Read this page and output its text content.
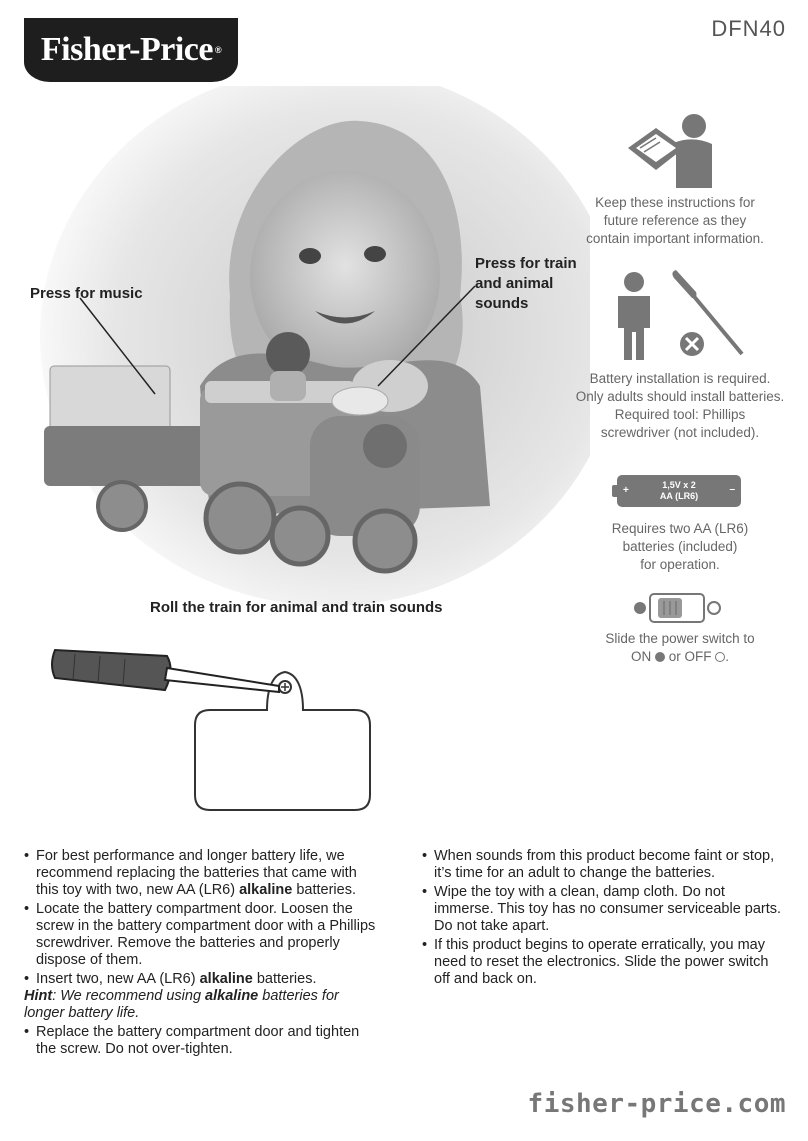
Fisher-Price ®
DFN40
Press for music
Press for train
and animal
sounds
Roll the train for animal and train sounds
Keep these instructions for
future reference as they
contain important information.
Battery installation is required.
Only adults should install batteries.
Required tool: Phillips
screwdriver (not included).
+	1,5V x 2
AA (LR6)
–
Requires two AA (LR6)
batteries (included)
for operation.
Slide the power switch to
ON or OFF .
• For best performance and longer battery life, we recommend replacing the batteries that came with this toy with two, new AA (LR6) alkaline batteries.
• Locate the battery compartment door. Loosen the screw in the battery compartment door with a Phillips screwdriver. Remove the batteries and properly dispose of them.
• Insert two, new AA (LR6) alkaline batteries.
Hint: We recommend using alkaline batteries for longer battery life.
• Replace the battery compartment door and tighten the screw. Do not over-tighten.
• When sounds from this product become faint or stop, it’s time for an adult to change the batteries.
• Wipe the toy with a clean, damp cloth. Do not immerse. This toy has no consumer serviceable parts. Do not take apart.
• If this product begins to operate erratically, you may need to reset the electronics. Slide the power switch off and back on.
fisher-price.com
